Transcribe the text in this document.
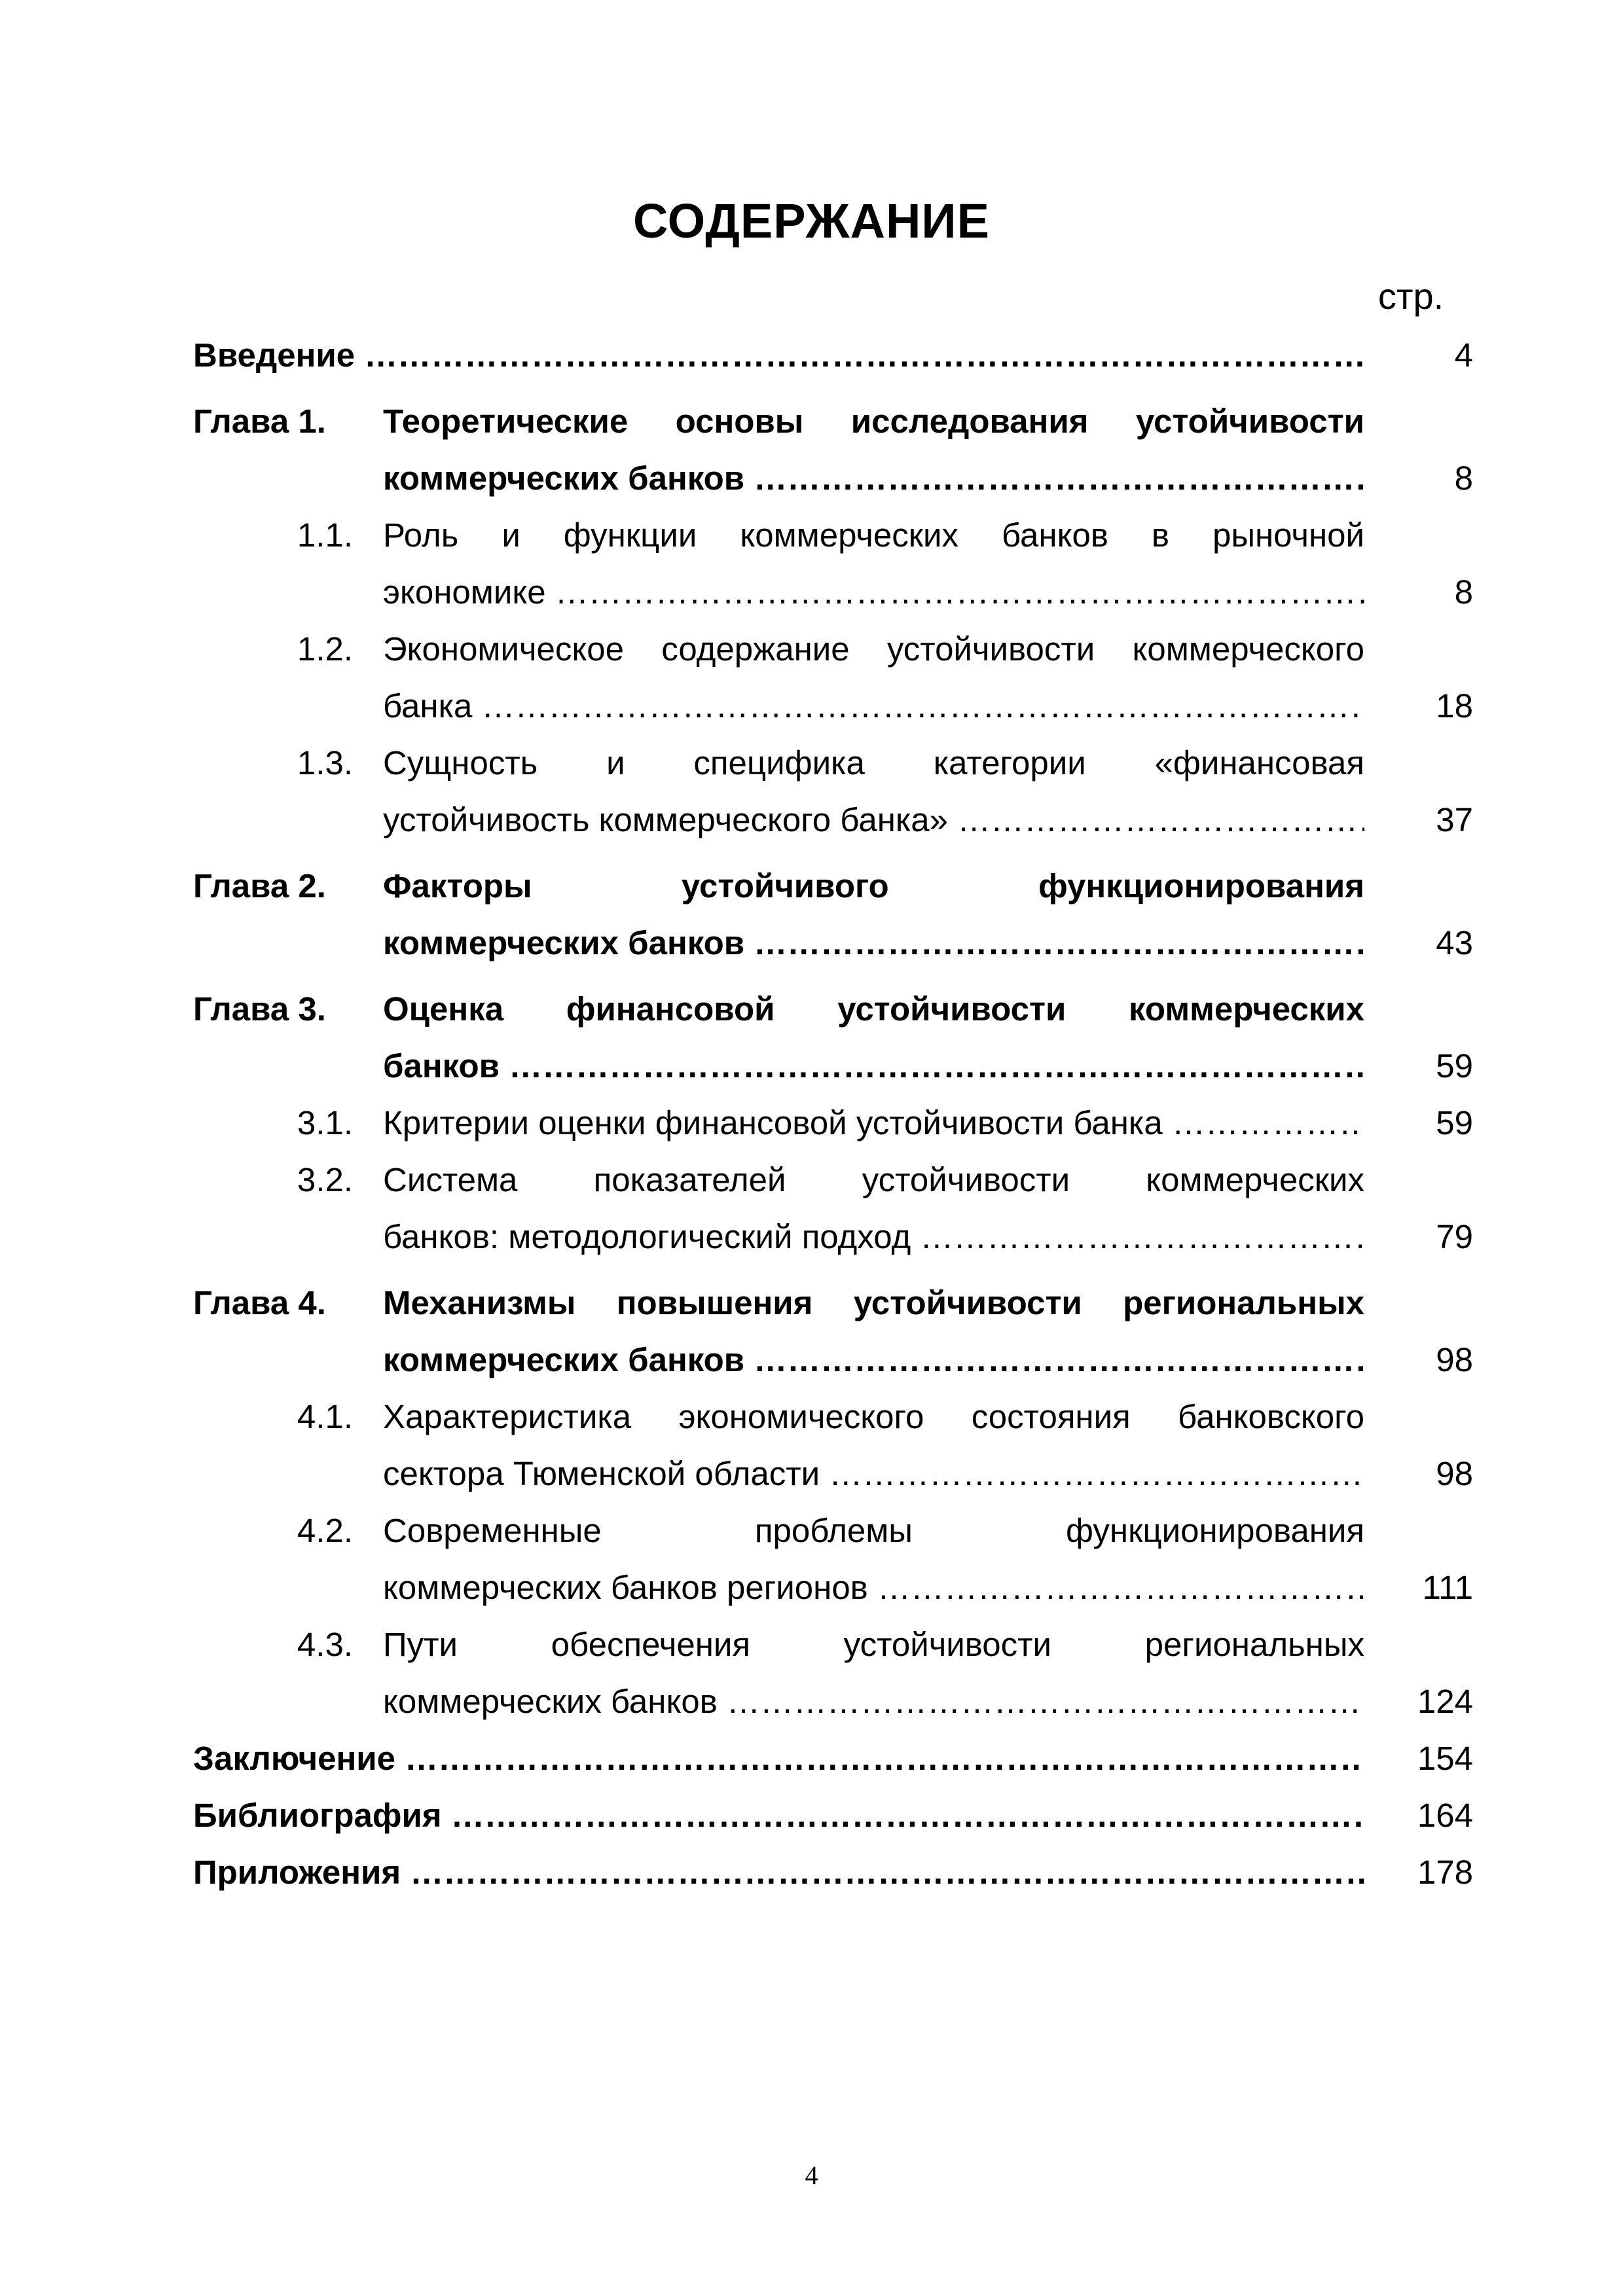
СОДЕРЖАНИЕ
стр.
Введение ………………………………………………………………………………………………………………………………………………………………………………………………	4
Глава 1. Теоретические основы исследования устойчивости
коммерческих банков ………………………………………………………………………………………………………………………………………………………………………………………………	8
1.1. Роль и функции коммерческих банков в рыночной
экономике ………………………………………………………………………………………………………………………………………………………………………………………………	8
1.2. Экономическое содержание устойчивости коммерческого
банка ………………………………………………………………………………………………………………………………………………………………………………………………	18
1.3. Сущность и специфика категории «финансовая
устойчивость коммерческого банка» ………………………………………………………………………………………………………………………………………………………………………………………………	37
Глава 2. Факторы устойчивого функционирования
коммерческих банков ………………………………………………………………………………………………………………………………………………………………………………………………	43
Глава 3. Оценка финансовой устойчивости коммерческих
банков ………………………………………………………………………………………………………………………………………………………………………………………………	59
3.1. Критерии оценки финансовой устойчивости банка ………………………………………………………………………………………………………………………………………………………………………………………………	59
3.2. Система показателей устойчивости коммерческих
банков: методологический подход ………………………………………………………………………………………………………………………………………………………………………………………………	79
Глава 4. Механизмы повышения устойчивости региональных
коммерческих банков ………………………………………………………………………………………………………………………………………………………………………………………………	98
4.1. Характеристика экономического состояния банковского
сектора Тюменской области ………………………………………………………………………………………………………………………………………………………………………………………………	98
4.2. Современные проблемы функционирования
коммерческих банков регионов ………………………………………………………………………………………………………………………………………………………………………………………………	111
4.3. Пути обеспечения устойчивости региональных
коммерческих банков ………………………………………………………………………………………………………………………………………………………………………………………………	124
Заключение ………………………………………………………………………………………………………………………………………………………………………………………………	154
Библиография ………………………………………………………………………………………………………………………………………………………………………………………………	164
Приложения ………………………………………………………………………………………………………………………………………………………………………………………………	178
4
